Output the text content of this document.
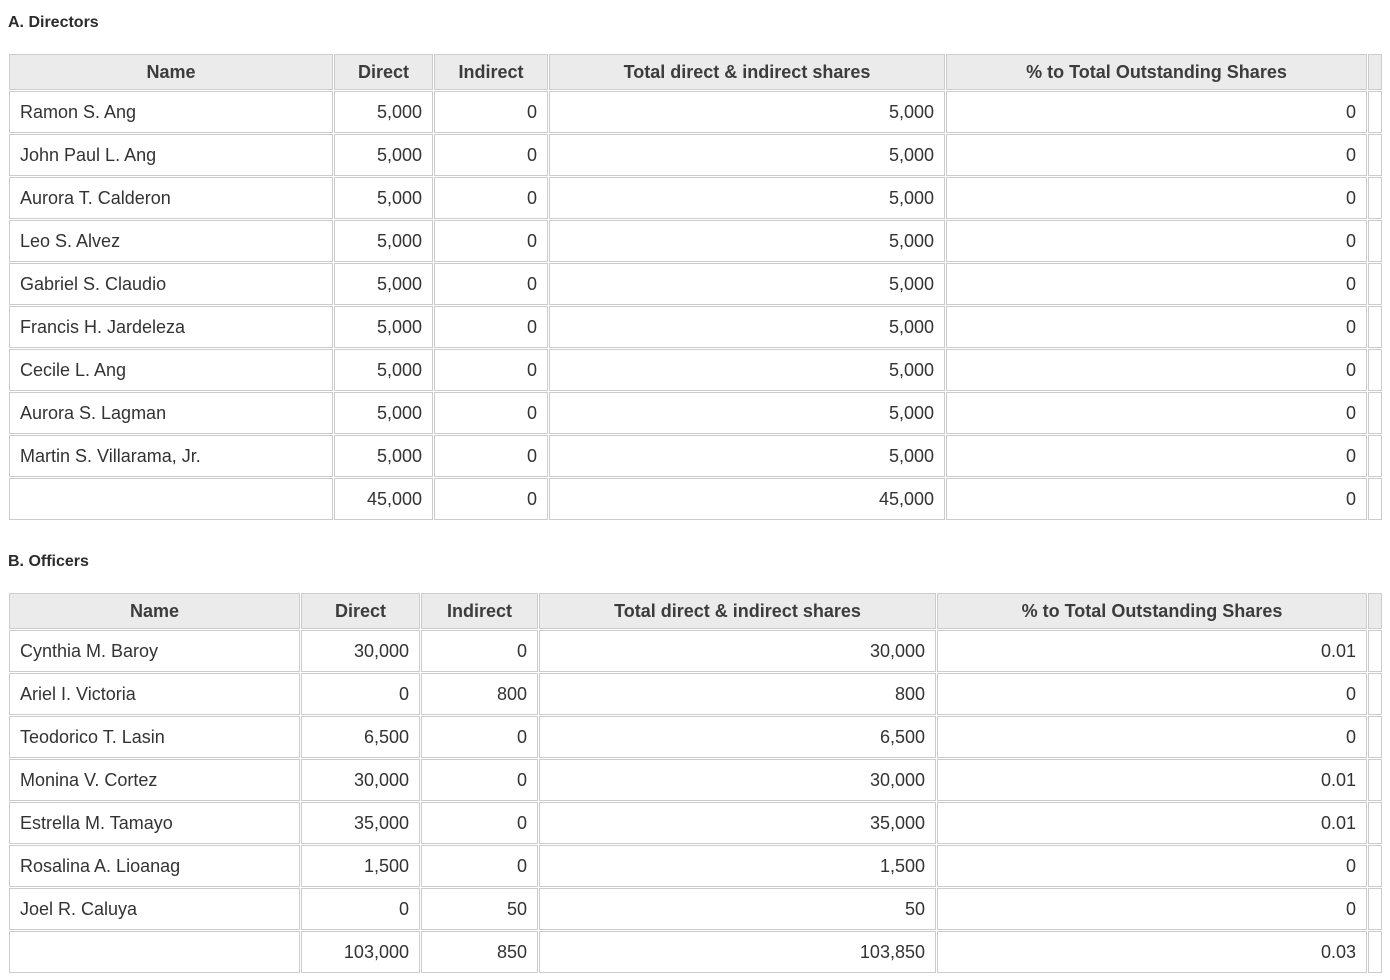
A. Directors
Name	Direct	Indirect	Total direct & indirect shares	% to Total Outstanding Shares	
Ramon S. Ang	5,000	0	5,000	0	
John Paul L. Ang	5,000	0	5,000	0	
Aurora T. Calderon	5,000	0	5,000	0	
Leo S. Alvez	5,000	0	5,000	0	
Gabriel S. Claudio	5,000	0	5,000	0	
Francis H. Jardeleza	5,000	0	5,000	0	
Cecile L. Ang	5,000	0	5,000	0	
Aurora S. Lagman	5,000	0	5,000	0	
Martin S. Villarama, Jr.	5,000	0	5,000	0	
	45,000	0	45,000	0	
B. Officers
Name	Direct	Indirect	Total direct & indirect shares	% to Total Outstanding Shares	
Cynthia M. Baroy	30,000	0	30,000	0.01	
Ariel I. Victoria	0	800	800	0	
Teodorico T. Lasin	6,500	0	6,500	0	
Monina V. Cortez	30,000	0	30,000	0.01	
Estrella M. Tamayo	35,000	0	35,000	0.01	
Rosalina A. Lioanag	1,500	0	1,500	0	
Joel R. Caluya	0	50	50	0	
	103,000	850	103,850	0.03	
